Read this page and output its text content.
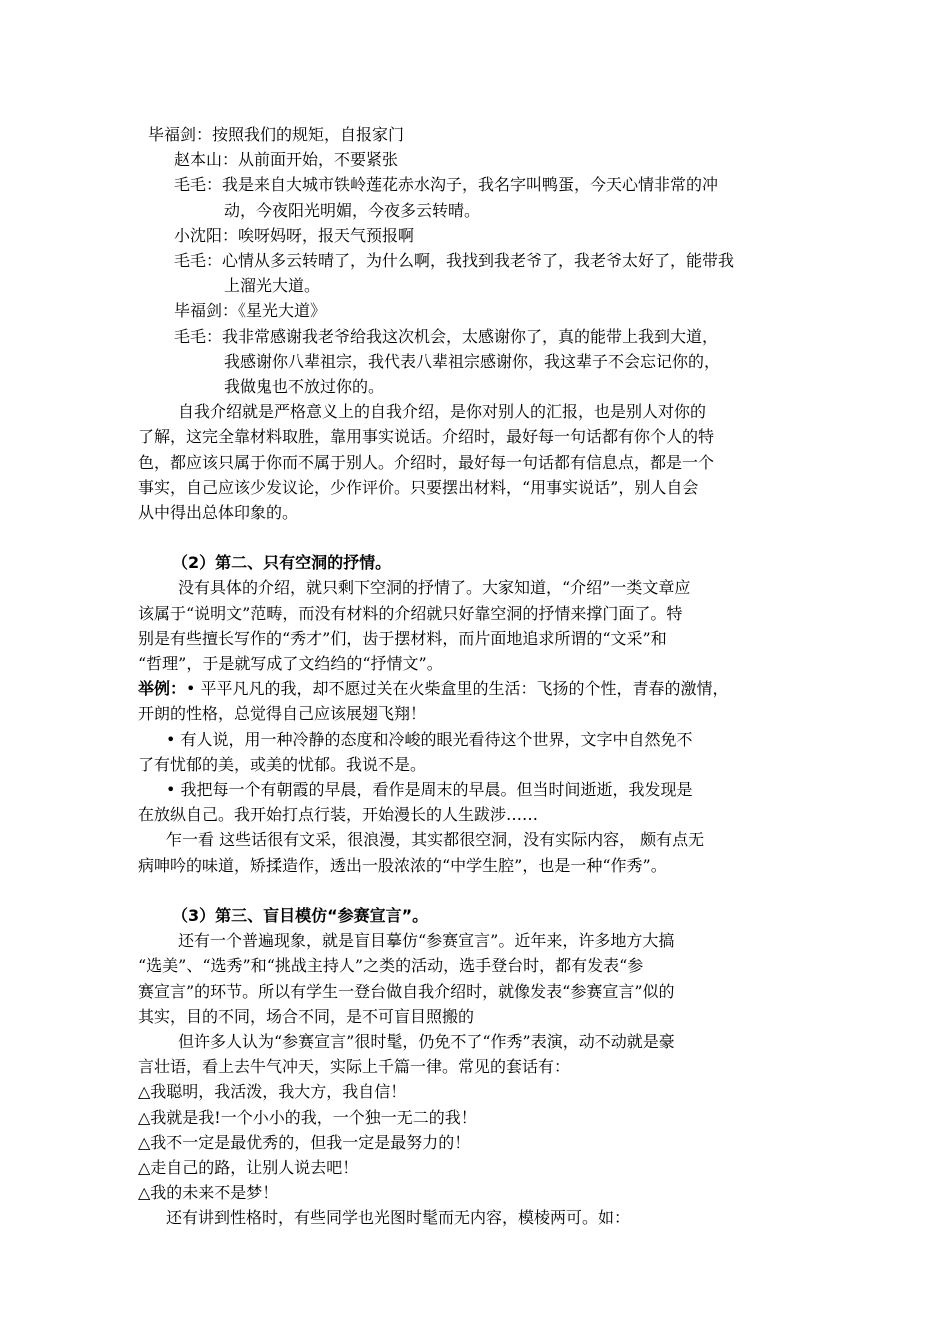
毕福剑：按照我们的规矩，自报家门
赵本山：从前面开始，不要紧张
毛毛：我是来自大城市铁岭莲花赤水沟子，我名字叫鸭蛋，今天心情非常的冲
动，今夜阳光明媚，今夜多云转晴。
小沈阳：唉呀妈呀，报天气预报啊
毛毛：心情从多云转晴了，为什么啊，我找到我老爷了，我老爷太好了，能带我
上溜光大道。
毕福剑：《星光大道》
毛毛：我非常感谢我老爷给我这次机会，太感谢你了，真的能带上我到大道，
我感谢你八辈祖宗，我代表八辈祖宗感谢你，我这辈子不会忘记你的，
我做鬼也不放过你的。
自我介绍就是严格意义上的自我介绍，是你对别人的汇报，也是别人对你的
了解，这完全靠材料取胜，靠用事实说话。介绍时，最好每一句话都有你个人的特
色，都应该只属于你而不属于别人。介绍时，最好每一句话都有信息点，都是一个
事实，自己应该少发议论，少作评价。只要摆出材料，“用事实说话”，别人自会
从中得出总体印象的。
（2）第二、只有空洞的抒情。
没有具体的介绍，就只剩下空洞的抒情了。大家知道，“介绍”一类文章应
该属于“说明文”范畴，而没有材料的介绍就只好靠空洞的抒情来撑门面了。特
别是有些擅长写作的“秀才”们，齿于摆材料，而片面地追求所谓的“文采”和
“哲理”，于是就写成了文绉绉的“抒情文”。
举例：• 平平凡凡的我，却不愿过关在火柴盒里的生活：飞扬的个性，青春的激情，
开朗的性格，总觉得自己应该展翅飞翔！
• 有人说，用一种冷静的态度和冷峻的眼光看待这个世界，文字中自然免不
了有忧郁的美，或美的忧郁。我说不是。
• 我把每一个有朝霞的早晨，看作是周末的早晨。但当时间逝逝，我发现是
在放纵自己。我开始打点行装，开始漫长的人生跋涉……
乍一看 这些话很有文采，很浪漫，其实都很空洞，没有实际内容， 颇有点无
病呻吟的味道，矫揉造作，透出一股浓浓的“中学生腔”，也是一种“作秀”。
（3）第三、盲目模仿“参赛宣言”。
还有一个普遍现象，就是盲目摹仿“参赛宣言”。近年来，许多地方大搞
“选美”、“选秀”和“挑战主持人”之类的活动，选手登台时，都有发表“参
赛宣言”的环节。所以有学生一登台做自我介绍时，就像发表“参赛宣言”似的
其实，目的不同，场合不同，是不可盲目照搬的
但许多人认为“参赛宣言”很时髦，仍免不了“作秀”表演，动不动就是豪
言壮语，看上去牛气冲天，实际上千篇一律。常见的套话有：
△我聪明，我活泼，我大方，我自信！
△我就是我!一个小小的我，一个独一无二的我！
△我不一定是最优秀的，但我一定是最努力的！
△走自己的路，让别人说去吧！
△我的未来不是梦！
还有讲到性格时，有些同学也光图时髦而无内容，模棱两可。如：
